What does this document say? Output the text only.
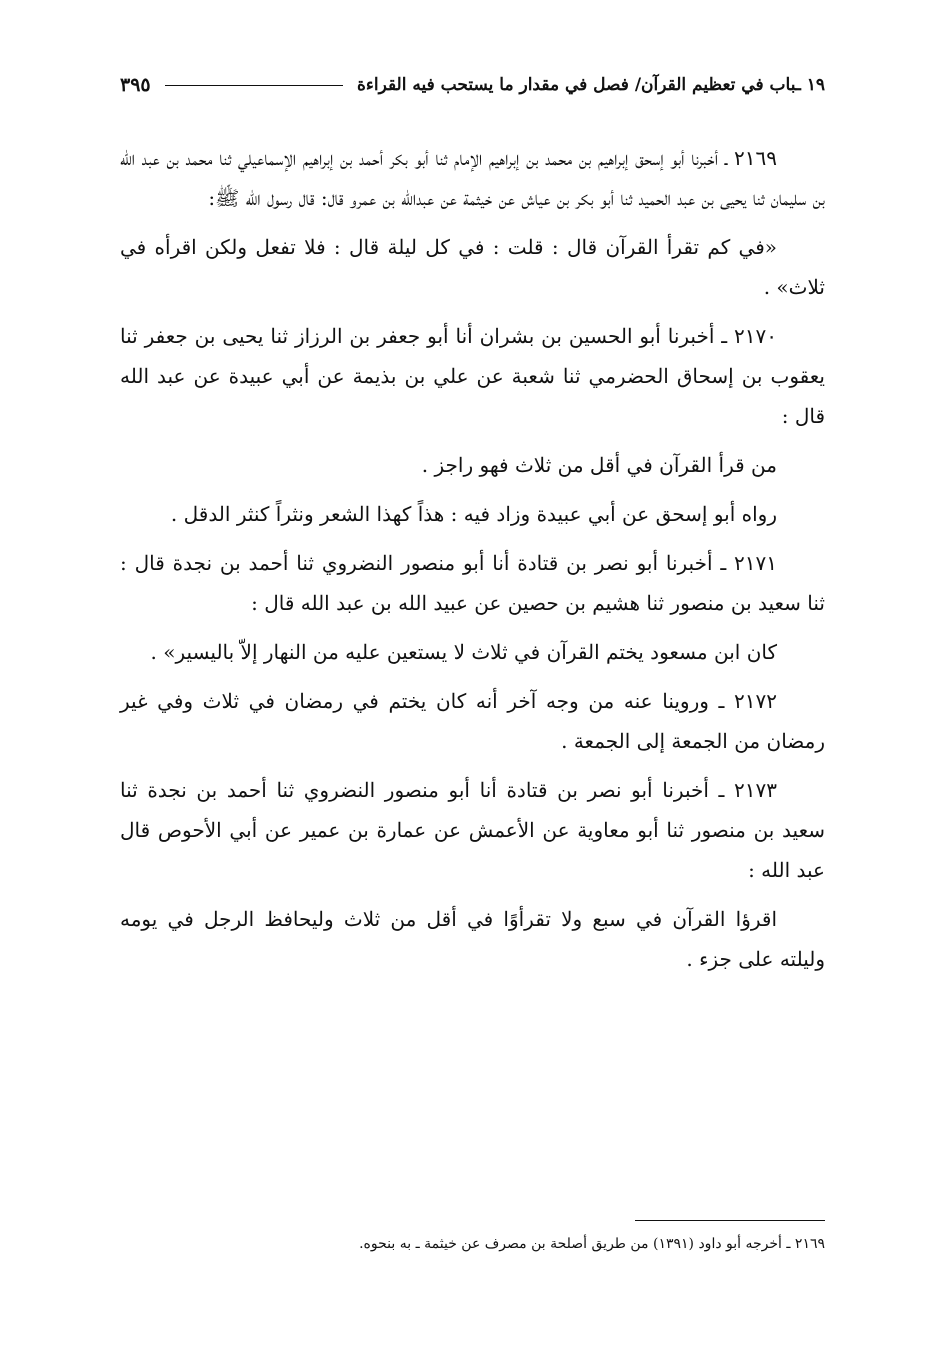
١٩ ـباب في تعظيم القرآن/ فصل في مقدار ما يستحب فيه القراءة
٣٩٥

٢١٦٩ ـ أخبرنا أبو إسحق إبراهيم بن محمد بن إبراهيم الإمام ثنا أبو بكر أحمد بن إبراهيم الإسماعيلي ثنا محمد بن عبد الله بن سليمان ثنا يحيى بن عبد الحميد ثنا أبو بكر بن عياش عن خيثمة عن عبدالله بن عمرو قال: قال رسول الله ﷺ:

«في كم تقرأ القرآن قال : قلت : في كل ليلة قال : فلا تفعل ولكن اقرأه في ثلاث» .

٢١٧٠ ـ أخبرنا أبو الحسين بن بشران أنا أبو جعفر بن الرزاز ثنا يحيى بن جعفر ثنا يعقوب بن إسحاق الحضرمي ثنا شعبة عن علي بن بذيمة عن أبي عبيدة عن عبد الله قال :

من قرأ القرآن في أقل من ثلاث فهو راجز .

رواه أبو إسحق عن أبي عبيدة وزاد فيه : هذاً كهذا الشعر ونثراً كنثر الدقل .

٢١٧١ ـ أخبرنا أبو نصر بن قتادة أنا أبو منصور النضروي ثنا أحمد بن نجدة قال : ثنا سعيد بن منصور ثنا هشيم بن حصين عن عبيد الله بن عبد الله قال :

كان ابن مسعود يختم القرآن في ثلاث لا يستعين عليه من النهار إلاّ باليسير» .

٢١٧٢ ـ وروينا عنه من وجه آخر أنه كان يختم في رمضان في ثلاث وفي غير رمضان من الجمعة إلى الجمعة .

٢١٧٣ ـ أخبرنا أبو نصر بن قتادة أنا أبو منصور النضروي ثنا أحمد بن نجدة ثنا سعيد بن منصور ثنا أبو معاوية عن الأعمش عن عمارة بن عمير عن أبي الأحوص قال عبد الله :

اقرؤا القرآن في سبع ولا تقرأوًا في أقل من ثلاث وليحافظ الرجل في يومه وليلته على جزء .

٢١٦٩ ـ أخرجه أبو داود (١٣٩١) من طريق أصلحة بن مصرف عن خيثمة ـ به بنحوه.
